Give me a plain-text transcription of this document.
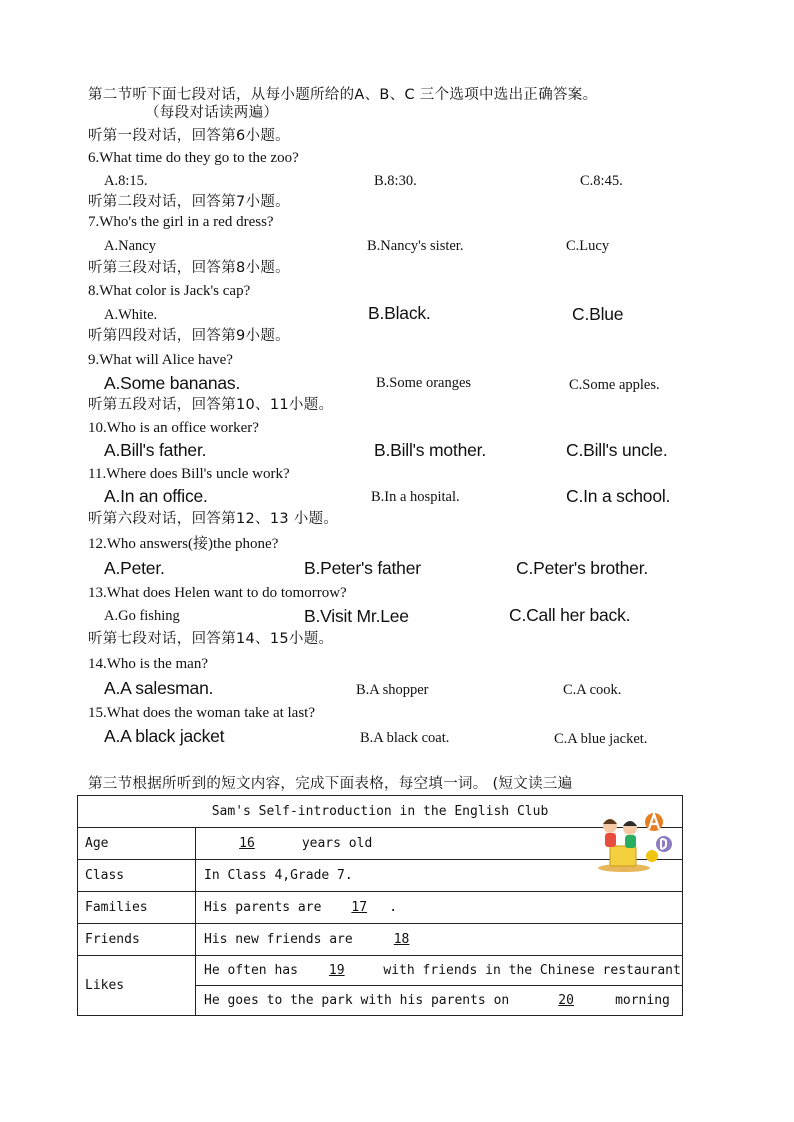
第二节听下面七段对话，从每小题所给的A、B、C 三个选项中选出正确答案。
（每段对话读两遍）
听第一段对话，回答第6小题。
6.What time do they go to the zoo?
A.8:15.	B.8:30.	C.8:45.
听第二段对话，回答第7小题。
7.Who's the girl in a red dress?
A.Nancy	B.Nancy's sister.	C.Lucy
听第三段对话，回答第8小题。
8.What color is Jack's cap?
A.White.	B.Black.	C.Blue
听第四段对话，回答第9小题。
9.What will Alice have?
A.Some bananas.	B.Some oranges	C.Some apples.
听第五段对话，回答第10、11小题。
10.Who is an office worker?
A.Bill's father.	B.Bill's mother.	C.Bill's uncle.
11.Where does Bill's uncle work?
A.In an office.	B.In a hospital.	C.In a school.
听第六段对话，回答第12、13 小题。
12.Who answers(接)the phone?
A.Peter.	B.Peter's father	C.Peter's brother.
13.What does Helen want to do tomorrow?
A.Go fishing	B.Visit Mr.Lee	C.Call her back.
听第七段对话，回答第14、15小题。
14.Who is the man?
A.A salesman.	B.A shopper	C.A cook.
15.What does the woman take at last?
A.A black jacket	B.A black coat.	C.A blue jacket.
第三节根据所听到的短文内容，完成下面表格，每空填一词。 (短文读三遍
Sam's Self-introduction in the English Club	
Age	16 years old
Class	In Class 4,Grade 7.
Families	His parents are 17.
Friends	His new friends are 18
Likes	He often has 19  with friends in the Chinese restaurant
	He goes to the park with his parents on 20 morning
